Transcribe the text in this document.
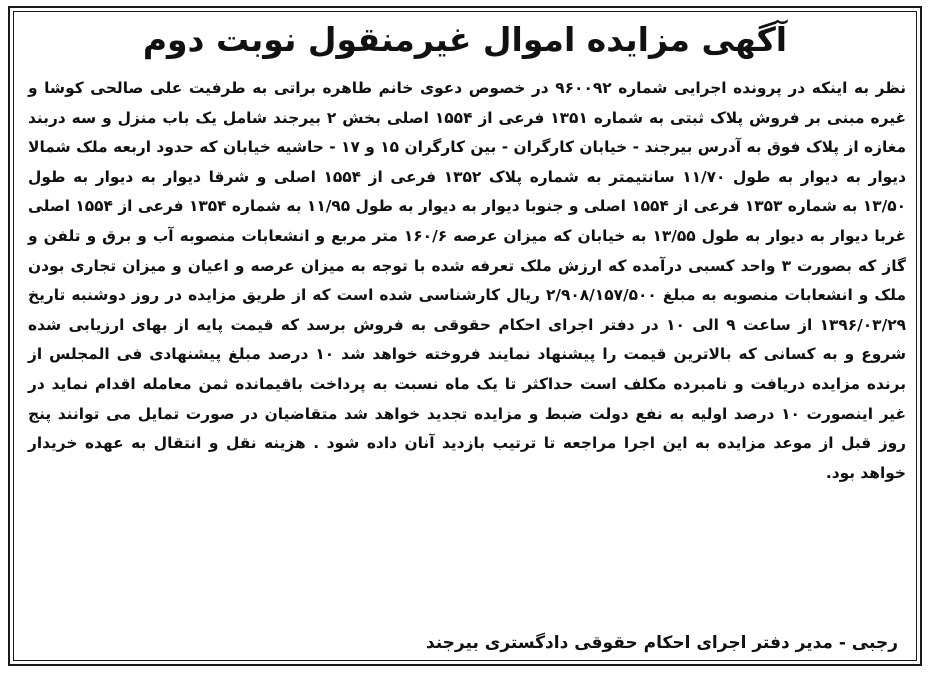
آگهی مزایده اموال غیرمنقول نوبت دوم
نظر به اینکه در پرونده اجرایی شماره ۹۶۰۰۹۲ در خصوص دعوی خانم طاهره براتی به طرفیت علی صالحی کوشا و غیره مبنی بر فروش پلاک ثبتی به شماره ۱۳۵۱ فرعی از ۱۵۵۴ اصلی بخش ۲ بیرجند شامل یک باب منزل و سه دربند مغازه از پلاک فوق به آدرس بیرجند - خیابان کارگران - بین کارگران ۱۵ و ۱۷ - حاشیه خیابان که حدود اربعه ملک شمالا دیوار به دیوار به طول ۱۱/۷۰ سانتیمتر به شماره پلاک ۱۳۵۲ فرعی از ۱۵۵۴ اصلی و شرقا دیوار به دیوار به طول ۱۳/۵۰ به شماره ۱۳۵۳ فرعی از ۱۵۵۴ اصلی و جنوبا دیوار به دیوار به طول ۱۱/۹۵ به شماره ۱۳۵۴ فرعی از ۱۵۵۴ اصلی غربا دیوار به دیوار به طول ۱۳/۵۵ به خیابان که میزان عرصه ۱۶۰/۶ متر مربع و انشعابات منصوبه آب و برق و تلفن و گاز که بصورت ۳ واحد کسبی درآمده که ارزش ملک تعرفه شده با توجه به میزان عرصه و اعیان و میزان تجاری بودن ملک و انشعابات منصوبه به مبلغ ۲/۹۰۸/۱۵۷/۵۰۰ ریال کارشناسی شده است که از طریق مزایده در روز دوشنبه تاریخ ۱۳۹۶/۰۳/۲۹ از ساعت ۹ الی ۱۰ در دفتر اجرای احکام حقوقی به فروش برسد که قیمت پایه از بهای ارزیابی شده شروع و به کسانی که بالاترین قیمت را پیشنهاد نمایند فروخته خواهد شد ۱۰ درصد مبلغ پیشنهادی فی المجلس از برنده مزایده دریافت و نامبرده مکلف است حداکثر تا یک ماه نسبت به پرداخت باقیمانده ثمن معامله اقدام نماید در غیر اینصورت ۱۰ درصد اولیه به نفع دولت ضبط و مزایده تجدید خواهد شد متقاضیان در صورت تمایل می توانند پنج روز قبل از موعد مزایده به این اجرا مراجعه تا ترتیب بازدید آنان داده شود . هزینه نقل و انتقال به عهده خریدار خواهد بود.
رجبی - مدیر دفتر اجرای احکام حقوقی دادگستری بیرجند
